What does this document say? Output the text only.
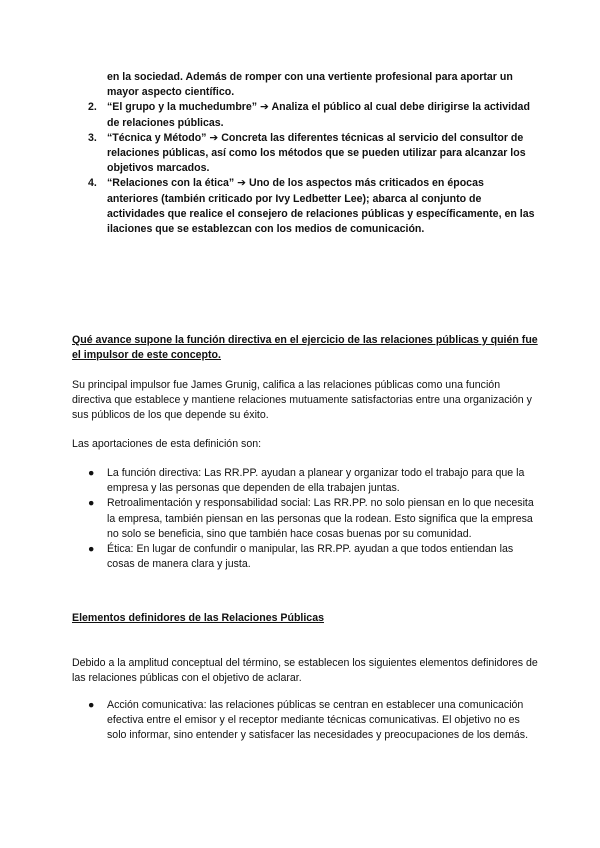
en la sociedad. Además de romper con una vertiente profesional para aportar un mayor aspecto científico.
2. “El grupo y la muchedumbre” ➔ Analiza el público al cual debe dirigirse la actividad de relaciones públicas.
3. “Técnica y Método” ➔ Concreta las diferentes técnicas al servicio del consultor de relaciones públicas, así como los métodos que se pueden utilizar para alcanzar los objetivos marcados.
4. “Relaciones con la ética” ➔ Uno de los aspectos más criticados en épocas anteriores (también criticado por Ivy Ledbetter Lee); abarca al conjunto de actividades que realice el consejero de relaciones públicas y específicamente, en las ilaciones que se establezcan con los medios de comunicación.
Qué avance supone la función directiva en el ejercicio de las relaciones públicas y quién fue el impulsor de este concepto.
Su principal impulsor fue James Grunig, califica a las relaciones públicas como una función directiva que establece y mantiene relaciones mutuamente satisfactorias entre una organización y sus públicos de los que depende su éxito.
Las aportaciones de esta definición son:
● La función directiva: Las RR.PP. ayudan a planear y organizar todo el trabajo para que la empresa y las personas que dependen de ella trabajen juntas.
● Retroalimentación y responsabilidad social: Las RR.PP. no solo piensan en lo que necesita la empresa, también piensan en las personas que la rodean. Esto significa que la empresa no solo se beneficia, sino que también hace cosas buenas por su comunidad.
● Ética: En lugar de confundir o manipular, las RR.PP. ayudan a que todos entiendan las cosas de manera clara y justa.
Elementos definidores de las Relaciones Públicas
Debido a la amplitud conceptual del término, se establecen los siguientes elementos definidores de las relaciones públicas con el objetivo de aclarar.
● Acción comunicativa: las relaciones públicas se centran en establecer una comunicación efectiva entre el emisor y el receptor mediante técnicas comunicativas. El objetivo no es solo informar, sino entender y satisfacer las necesidades y preocupaciones de los demás.
